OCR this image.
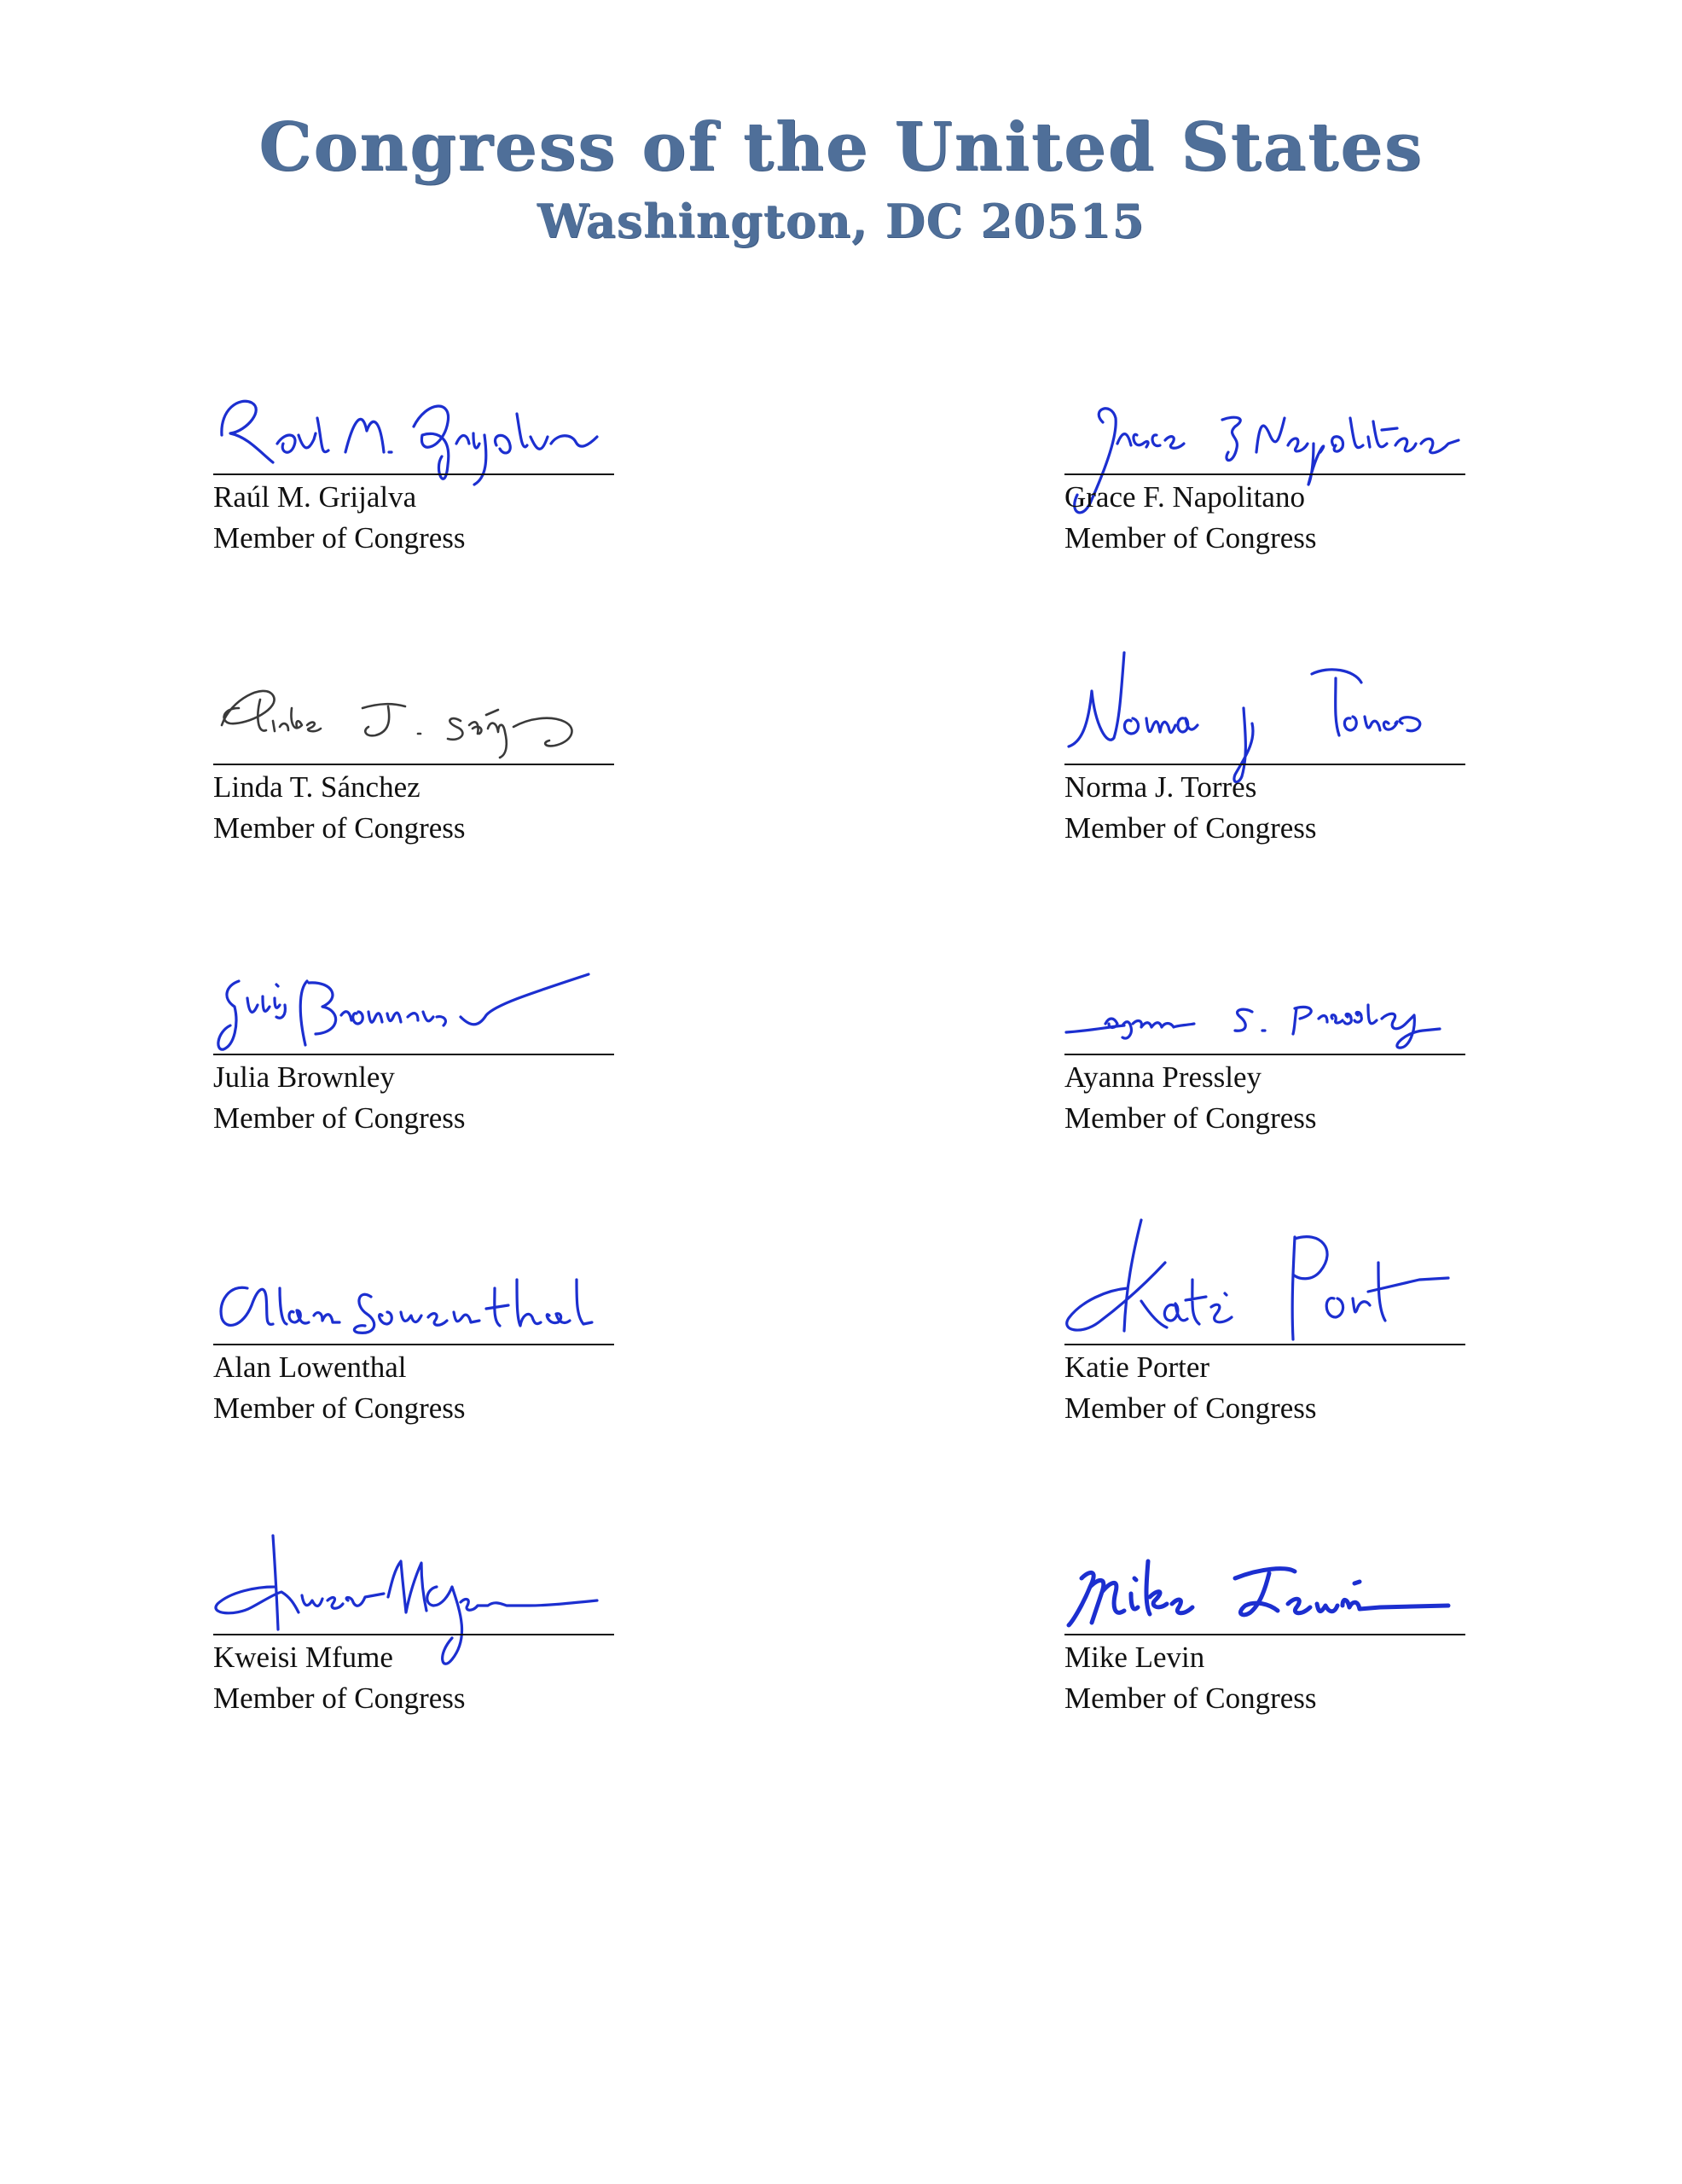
Congress of the United States
Washington, DC 20515
Raúl M. Grijalva
Member of Congress
Grace F. Napolitano
Member of Congress
Linda T. Sánchez
Member of Congress
Norma J. Torres
Member of Congress
Julia Brownley
Member of Congress
Ayanna Pressley
Member of Congress
Alan Lowenthal
Member of Congress
Katie Porter
Member of Congress
Kweisi Mfume
Member of Congress
Mike Levin
Member of Congress
